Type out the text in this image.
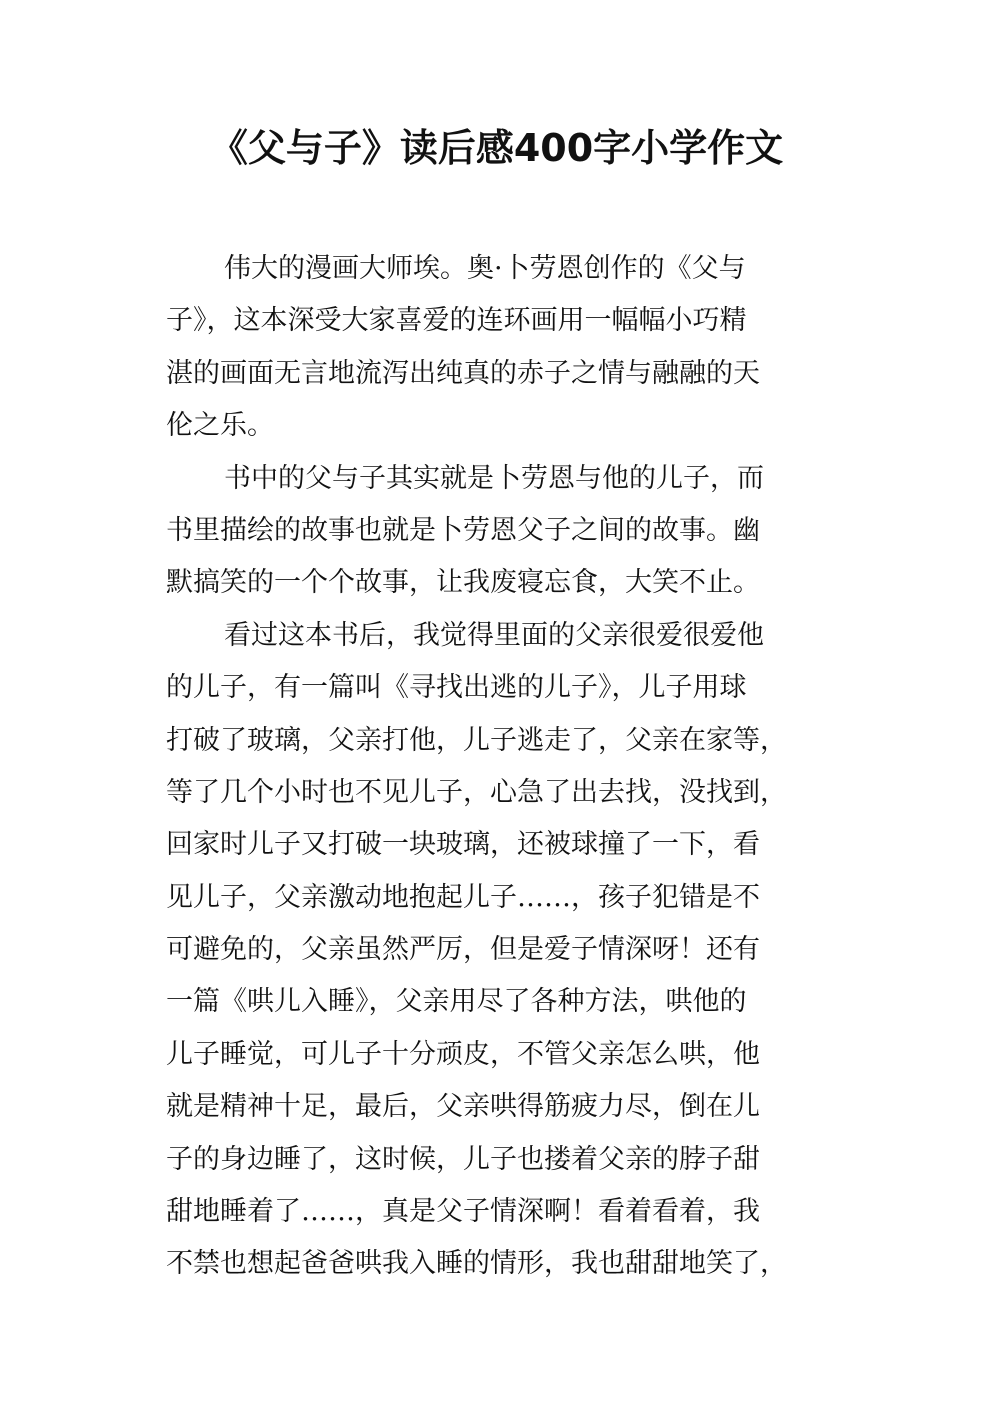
《父与子》读后感400字小学作文

伟大的漫画大师埃。奥·卜劳恩创作的《父与

子》，这本深受大家喜爱的连环画用一幅幅小巧精

湛的画面无言地流泻出纯真的赤子之情与融融的天

伦之乐。

书中的父与子其实就是卜劳恩与他的儿子，而

书里描绘的故事也就是卜劳恩父子之间的故事。幽

默搞笑的一个个故事，让我废寝忘食，大笑不止。

看过这本书后，我觉得里面的父亲很爱很爱他

的儿子，有一篇叫《寻找出逃的儿子》，儿子用球

打破了玻璃，父亲打他，儿子逃走了，父亲在家等，

等了几个小时也不见儿子，心急了出去找，没找到，

回家时儿子又打破一块玻璃，还被球撞了一下，看

见儿子，父亲激动地抱起儿子……，孩子犯错是不

可避免的，父亲虽然严厉，但是爱子情深呀！还有

一篇《哄儿入睡》，父亲用尽了各种方法，哄他的

儿子睡觉，可儿子十分顽皮，不管父亲怎么哄，他

就是精神十足，最后，父亲哄得筋疲力尽，倒在儿

子的身边睡了，这时候，儿子也搂着父亲的脖子甜

甜地睡着了……，真是父子情深啊！看着看着，我

不禁也想起爸爸哄我入睡的情形，我也甜甜地笑了，
